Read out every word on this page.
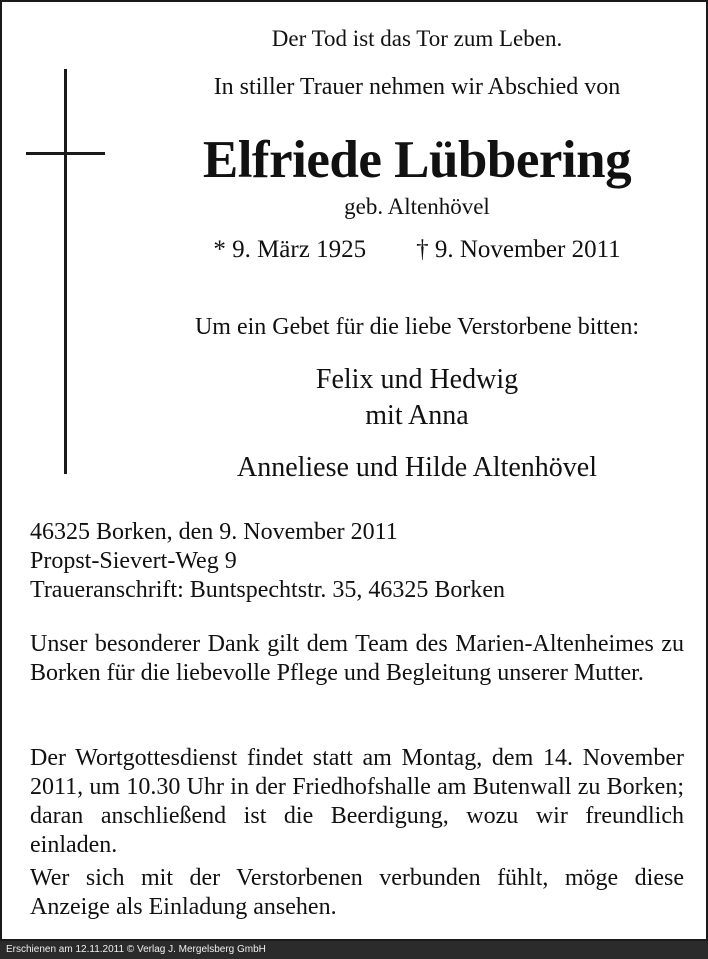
Der Tod ist das Tor zum Leben.
In stiller Trauer nehmen wir Abschied von
Elfriede Lübbering
geb. Altenhövel
* 9. März 1925 † 9. November 2011
Um ein Gebet für die liebe Verstorbene bitten:
Felix und Hedwig
mit Anna
Anneliese und Hilde Altenhövel
46325 Borken, den 9. November 2011
Propst-Sievert-Weg 9
Traueranschrift: Buntspechtstr. 35, 46325 Borken
Unser besonderer Dank gilt dem Team des Marien-Altenheimes zu Borken für die liebevolle Pflege und Begleitung unserer Mutter.
Der Wortgottesdienst findet statt am Montag, dem 14. November 2011, um 10.30 Uhr in der Friedhofshalle am Butenwall zu Borken; daran anschließend ist die Beerdigung, wozu wir freundlich einladen.
Wer sich mit der Verstorbenen verbunden fühlt, möge diese Anzeige als Einladung ansehen.
Erschienen am 12.11.2011 © Verlag J. Mergelsberg GmbH
